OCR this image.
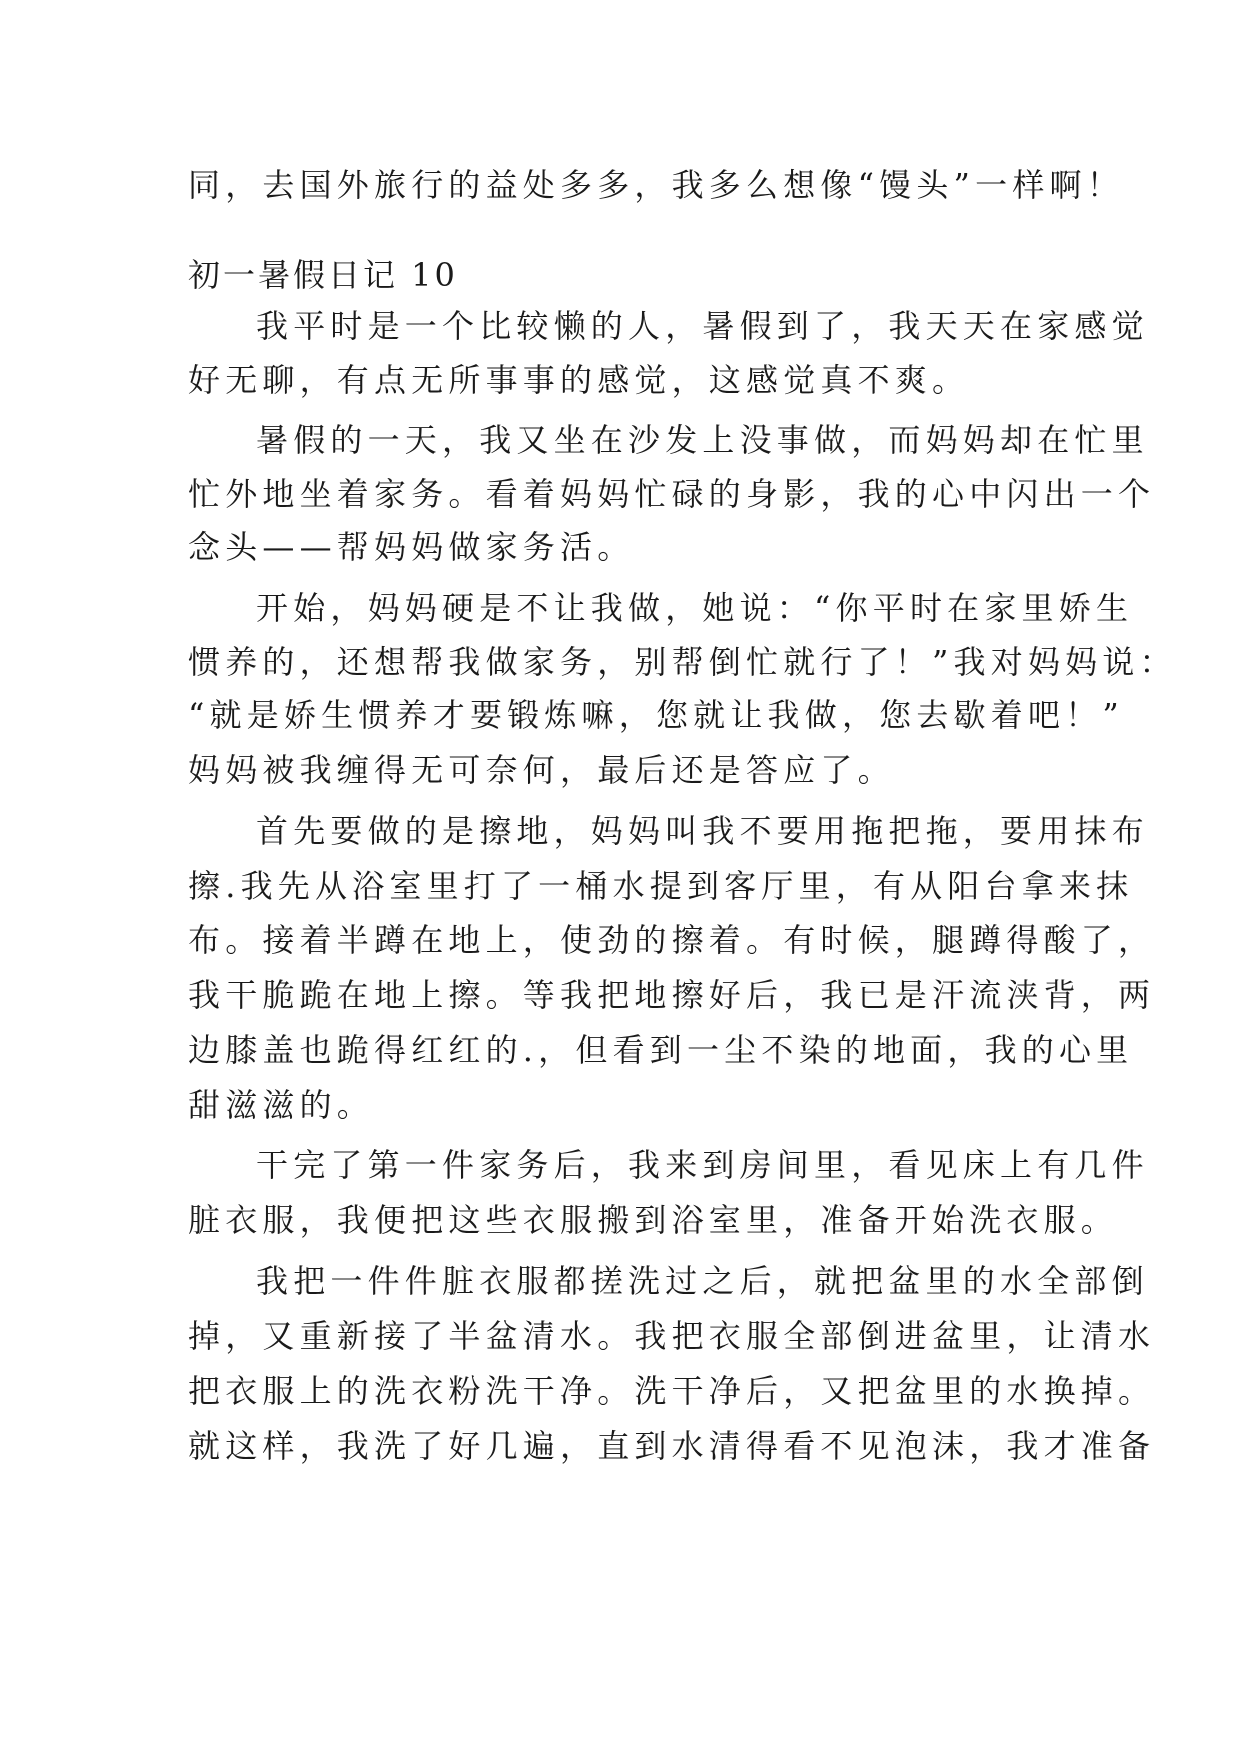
同，去国外旅行的益处多多，我多么想像“馒头”一样啊！
初一暑假日记 10
我平时是一个比较懒的人，暑假到了，我天天在家感觉
好无聊，有点无所事事的感觉，这感觉真不爽。
暑假的一天，我又坐在沙发上没事做，而妈妈却在忙里
忙外地坐着家务。看着妈妈忙碌的身影，我的心中闪出一个
念头——帮妈妈做家务活。
开始，妈妈硬是不让我做，她说：“你平时在家里娇生
惯养的，还想帮我做家务，别帮倒忙就行了！”我对妈妈说：
“就是娇生惯养才要锻炼嘛，您就让我做，您去歇着吧！”
妈妈被我缠得无可奈何，最后还是答应了。
首先要做的是擦地，妈妈叫我不要用拖把拖，要用抹布
擦.我先从浴室里打了一桶水提到客厅里，有从阳台拿来抹
布。接着半蹲在地上，使劲的擦着。有时候，腿蹲得酸了，
我干脆跪在地上擦。等我把地擦好后，我已是汗流浃背，两
边膝盖也跪得红红的.，但看到一尘不染的地面，我的心里
甜滋滋的。
干完了第一件家务后，我来到房间里，看见床上有几件
脏衣服，我便把这些衣服搬到浴室里，准备开始洗衣服。
我把一件件脏衣服都搓洗过之后，就把盆里的水全部倒
掉，又重新接了半盆清水。我把衣服全部倒进盆里，让清水
把衣服上的洗衣粉洗干净。洗干净后，又把盆里的水换掉。
就这样，我洗了好几遍，直到水清得看不见泡沫，我才准备
